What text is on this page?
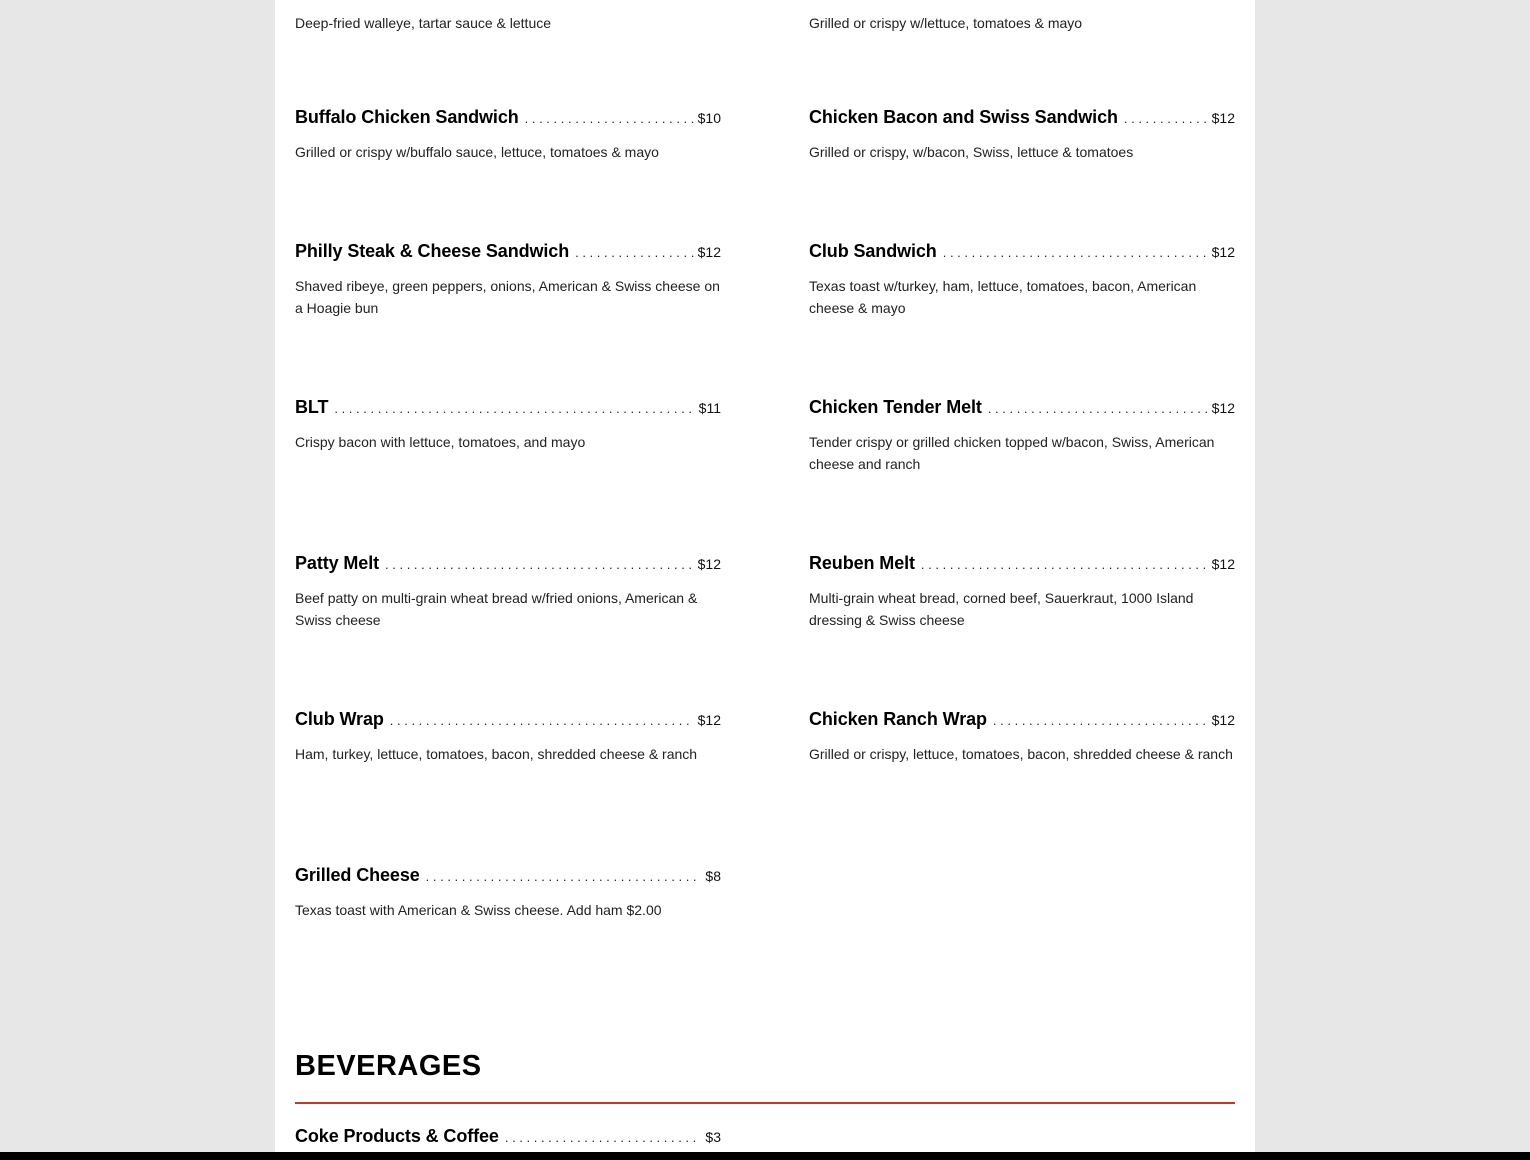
Deep-fried walleye, tartar sauce & lettuce	Grilled or crispy w/lettuce, tomatoes & mayo
Buffalo Chicken Sandwich . . .	$10
Grilled or crispy w/buffalo sauce, lettuce, tomatoes & mayo
Chicken Bacon and Swiss Sandwich . . .	$12
Grilled or crispy, w/bacon, Swiss, lettuce & tomatoes
Philly Steak & Cheese Sandwich . . .	$12
Shaved ribeye, green peppers, onions, American & Swiss cheese on a Hoagie bun
Club Sandwich . . .	$12
Texas toast w/turkey, ham, lettuce, tomatoes, bacon, American cheese & mayo
BLT . . .	$11
Crispy bacon with lettuce, tomatoes, and mayo
Chicken Tender Melt . . .	$12
Tender crispy or grilled chicken topped w/bacon, Swiss, American cheese and ranch
Patty Melt . . .	$12
Beef patty on multi-grain wheat bread w/fried onions, American & Swiss cheese
Reuben Melt . . .	$12
Multi-grain wheat bread, corned beef, Sauerkraut, 1000 Island dressing & Swiss cheese
Club Wrap . . .	$12
Ham, turkey, lettuce, tomatoes, bacon, shredded cheese & ranch
Chicken Ranch Wrap . . .	$12
Grilled or crispy, lettuce, tomatoes, bacon, shredded cheese & ranch
Grilled Cheese . . .	$8
Texas toast with American & Swiss cheese. Add ham $2.00
BEVERAGES
Coke Products & Coffee . . .	$3
